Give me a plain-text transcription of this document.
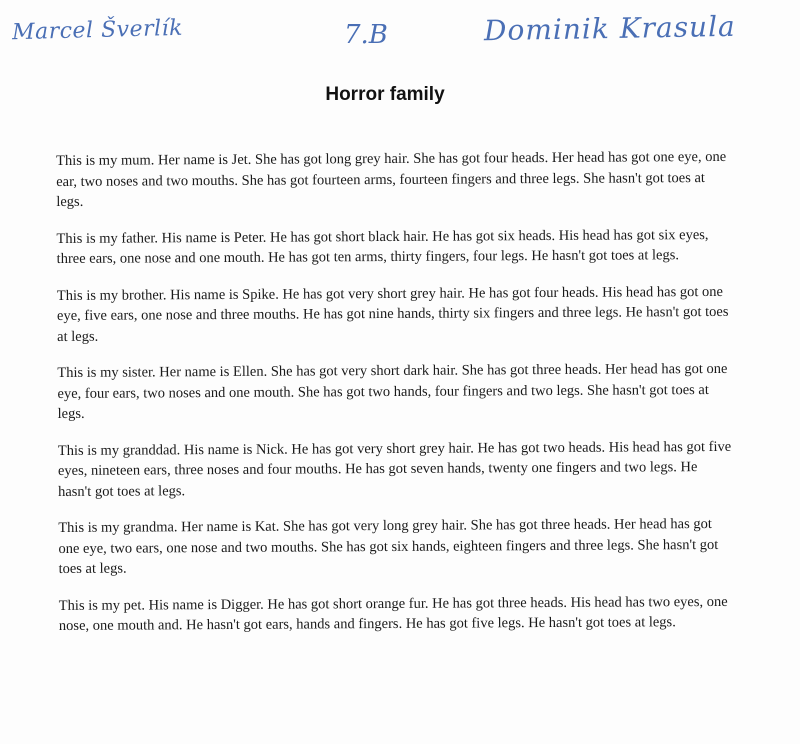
Marcel Šverlík	7.B	Dominik Krasula

Horror family

This is my mum. Her name is Jet. She has got long grey hair. She has got four heads. Her head has got one eye, one ear, two noses and two mouths. She has got fourteen arms, fourteen fingers and three legs. She hasn't got toes at legs.

This is my father. His name is Peter. He has got short black hair. He has got six heads. His head has got six eyes, three ears, one nose and one mouth. He has got ten arms, thirty fingers, four legs. He hasn't got toes at legs.

This is my brother. His name is Spike. He has got very short grey hair. He has got four heads. His head has got one eye, five ears, one nose and three mouths. He has got nine hands, thirty six fingers and three legs. He hasn't got toes at legs.

This is my sister. Her name is Ellen. She has got very short dark hair. She has got three heads. Her head has got one eye, four ears, two noses and one mouth. She has got two hands, four fingers and two legs. She hasn't got toes at legs.

This is my granddad. His name is Nick. He has got very short grey hair. He has got two heads. His head has got five eyes, nineteen ears, three noses and four mouths. He has got seven hands, twenty one fingers and two legs. He hasn't got toes at legs.

This is my grandma. Her name is Kat. She has got very long grey hair. She has got three heads. Her head has got one eye, two ears, one nose and two mouths. She has got six hands, eighteen fingers and three legs. She hasn't got toes at legs.

This is my pet. His name is Digger. He has got short orange fur. He has got three heads. His head has two eyes, one nose, one mouth and. He hasn't got ears, hands and fingers. He has got five legs. He hasn't got toes at legs.
